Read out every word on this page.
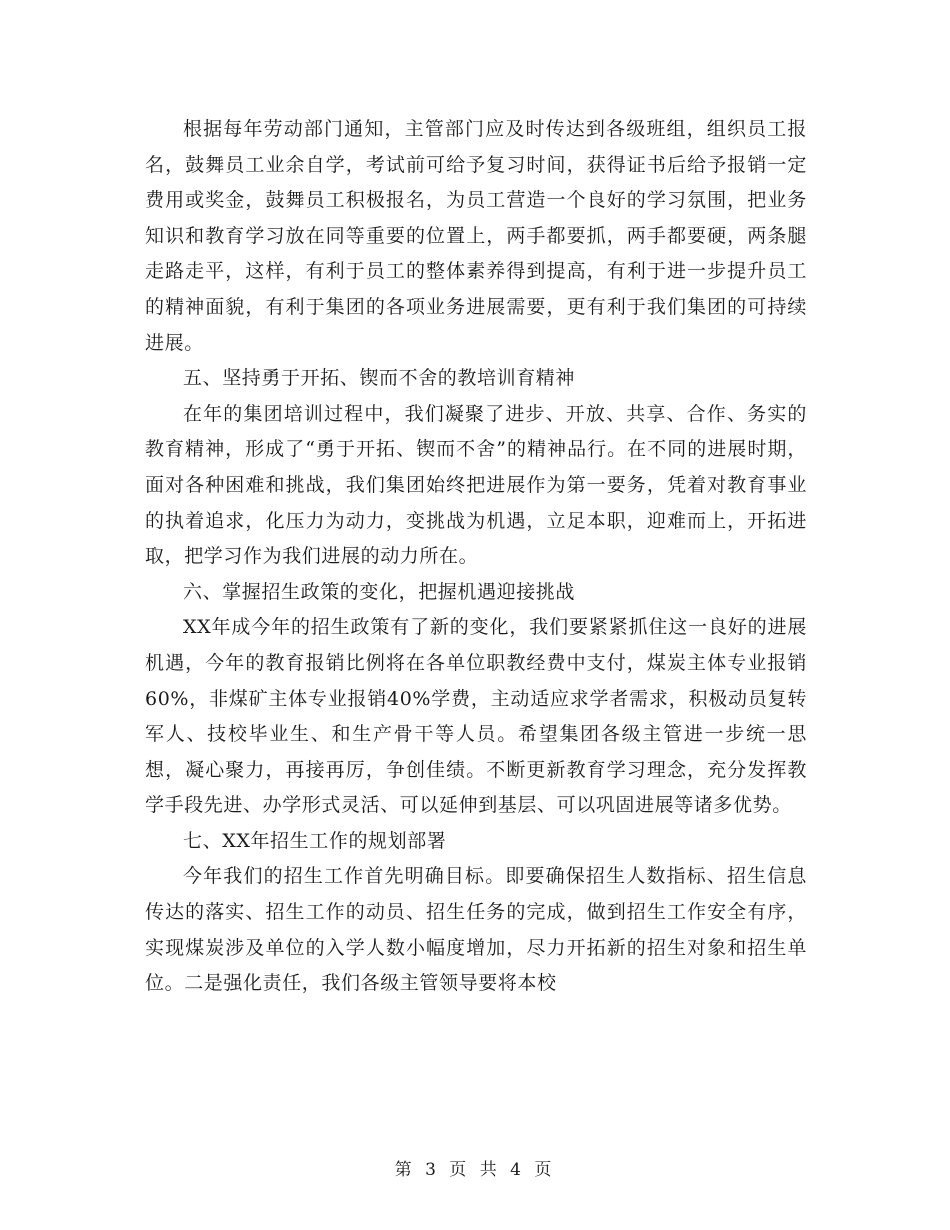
根据每年劳动部门通知，主管部门应及时传达到各级班组，组织员工报名，鼓舞员工业余自学，考试前可给予复习时间，获得证书后给予报销一定费用或奖金，鼓舞员工积极报名，为员工营造一个良好的学习氛围，把业务知识和教育学习放在同等重要的位置上，两手都要抓，两手都要硬，两条腿走路走平，这样，有利于员工的整体素养得到提高，有利于进一步提升员工的精神面貌，有利于集团的各项业务进展需要，更有利于我们集团的可持续进展。

五、坚持勇于开拓、锲而不舍的教培训育精神

在年的集团培训过程中，我们凝聚了进步、开放、共享、合作、务实的教育精神，形成了“勇于开拓、锲而不舍”的精神品行。在不同的进展时期，面对各种困难和挑战，我们集团始终把进展作为第一要务，凭着对教育事业的执着追求，化压力为动力，变挑战为机遇，立足本职，迎难而上，开拓进取，把学习作为我们进展的动力所在。

六、掌握招生政策的变化，把握机遇迎接挑战

XX年成今年的招生政策有了新的变化，我们要紧紧抓住这一良好的进展机遇，今年的教育报销比例将在各单位职教经费中支付，煤炭主体专业报销60%，非煤矿主体专业报销40%学费，主动适应求学者需求，积极动员复转军人、技校毕业生、和生产骨干等人员。希望集团各级主管进一步统一思想，凝心聚力，再接再厉，争创佳绩。不断更新教育学习理念，充分发挥教学手段先进、办学形式灵活、可以延伸到基层、可以巩固进展等诸多优势。

七、XX年招生工作的规划部署

今年我们的招生工作首先明确目标。即要确保招生人数指标、招生信息传达的落实、招生工作的动员、招生任务的完成，做到招生工作安全有序，实现煤炭涉及单位的入学人数小幅度增加，尽力开拓新的招生对象和招生单位。二是强化责任，我们各级主管领导要将本校

第 3 页 共 4 页
